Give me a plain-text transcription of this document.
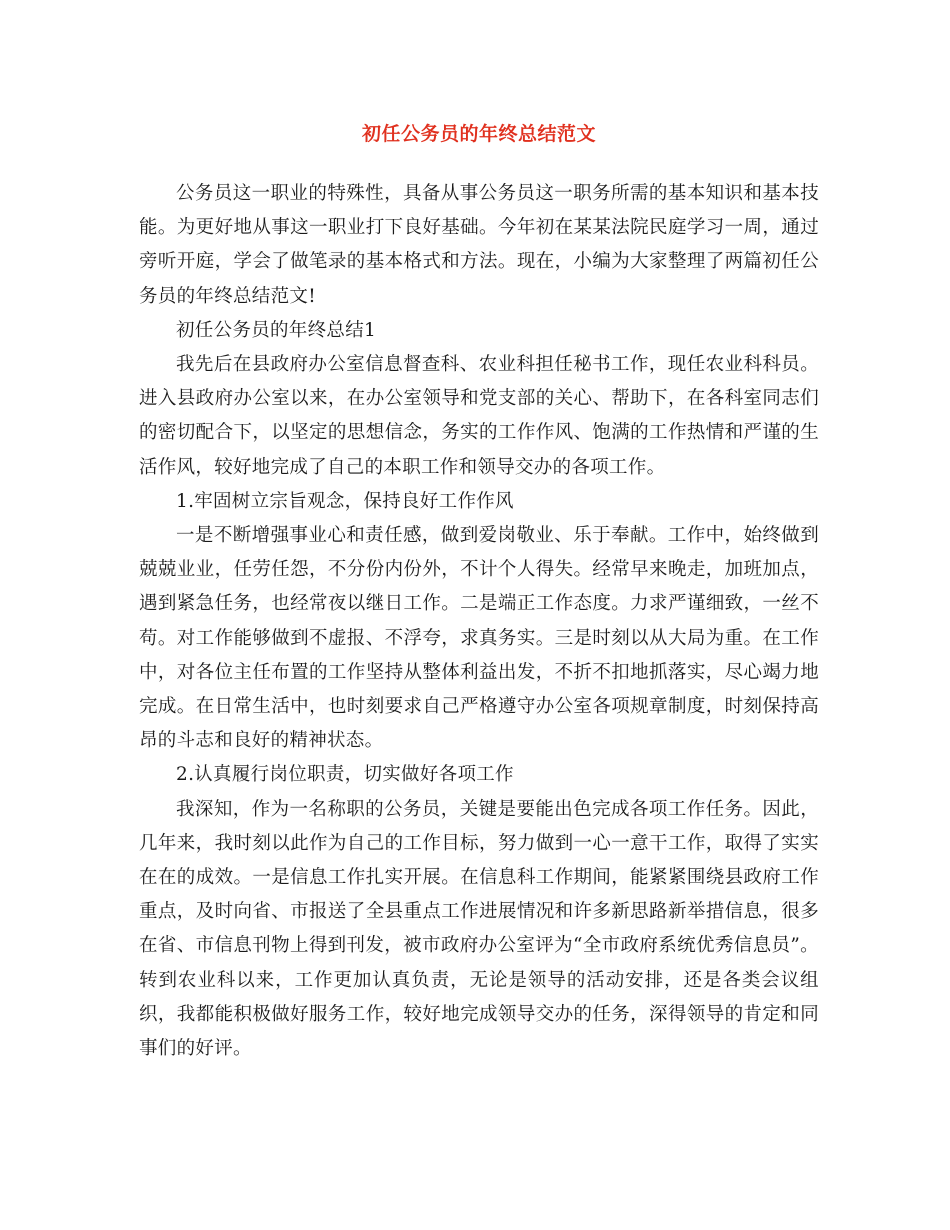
初任公务员的年终总结范文

公务员这一职业的特殊性，具备从事公务员这一职务所需的基本知识和基本技能。为更好地从事这一职业打下良好基础。今年初在某某法院民庭学习一周，通过旁听开庭，学会了做笔录的基本格式和方法。现在，小编为大家整理了两篇初任公务员的年终总结范文!

初任公务员的年终总结1

我先后在县政府办公室信息督查科、农业科担任秘书工作，现任农业科科员。进入县政府办公室以来，在办公室领导和党支部的关心、帮助下，在各科室同志们的密切配合下，以坚定的思想信念，务实的工作作风、饱满的工作热情和严谨的生活作风，较好地完成了自己的本职工作和领导交办的各项工作。

1.牢固树立宗旨观念，保持良好工作作风

一是不断增强事业心和责任感，做到爱岗敬业、乐于奉献。工作中，始终做到兢兢业业，任劳任怨，不分份内份外，不计个人得失。经常早来晚走，加班加点，遇到紧急任务，也经常夜以继日工作。二是端正工作态度。力求严谨细致，一丝不苟。对工作能够做到不虚报、不浮夸，求真务实。三是时刻以从大局为重。在工作中，对各位主任布置的工作坚持从整体利益出发，不折不扣地抓落实，尽心竭力地完成。在日常生活中，也时刻要求自己严格遵守办公室各项规章制度，时刻保持高昂的斗志和良好的精神状态。

2.认真履行岗位职责，切实做好各项工作

我深知，作为一名称职的公务员，关键是要能出色完成各项工作任务。因此，几年来，我时刻以此作为自己的工作目标，努力做到一心一意干工作，取得了实实在在的成效。一是信息工作扎实开展。在信息科工作期间，能紧紧围绕县政府工作重点，及时向省、市报送了全县重点工作进展情况和许多新思路新举措信息，很多在省、市信息刊物上得到刊发，被市政府办公室评为“全市政府系统优秀信息员”。转到农业科以来，工作更加认真负责，无论是领导的活动安排，还是各类会议组织，我都能积极做好服务工作，较好地完成领导交办的任务，深得领导的肯定和同事们的好评。
